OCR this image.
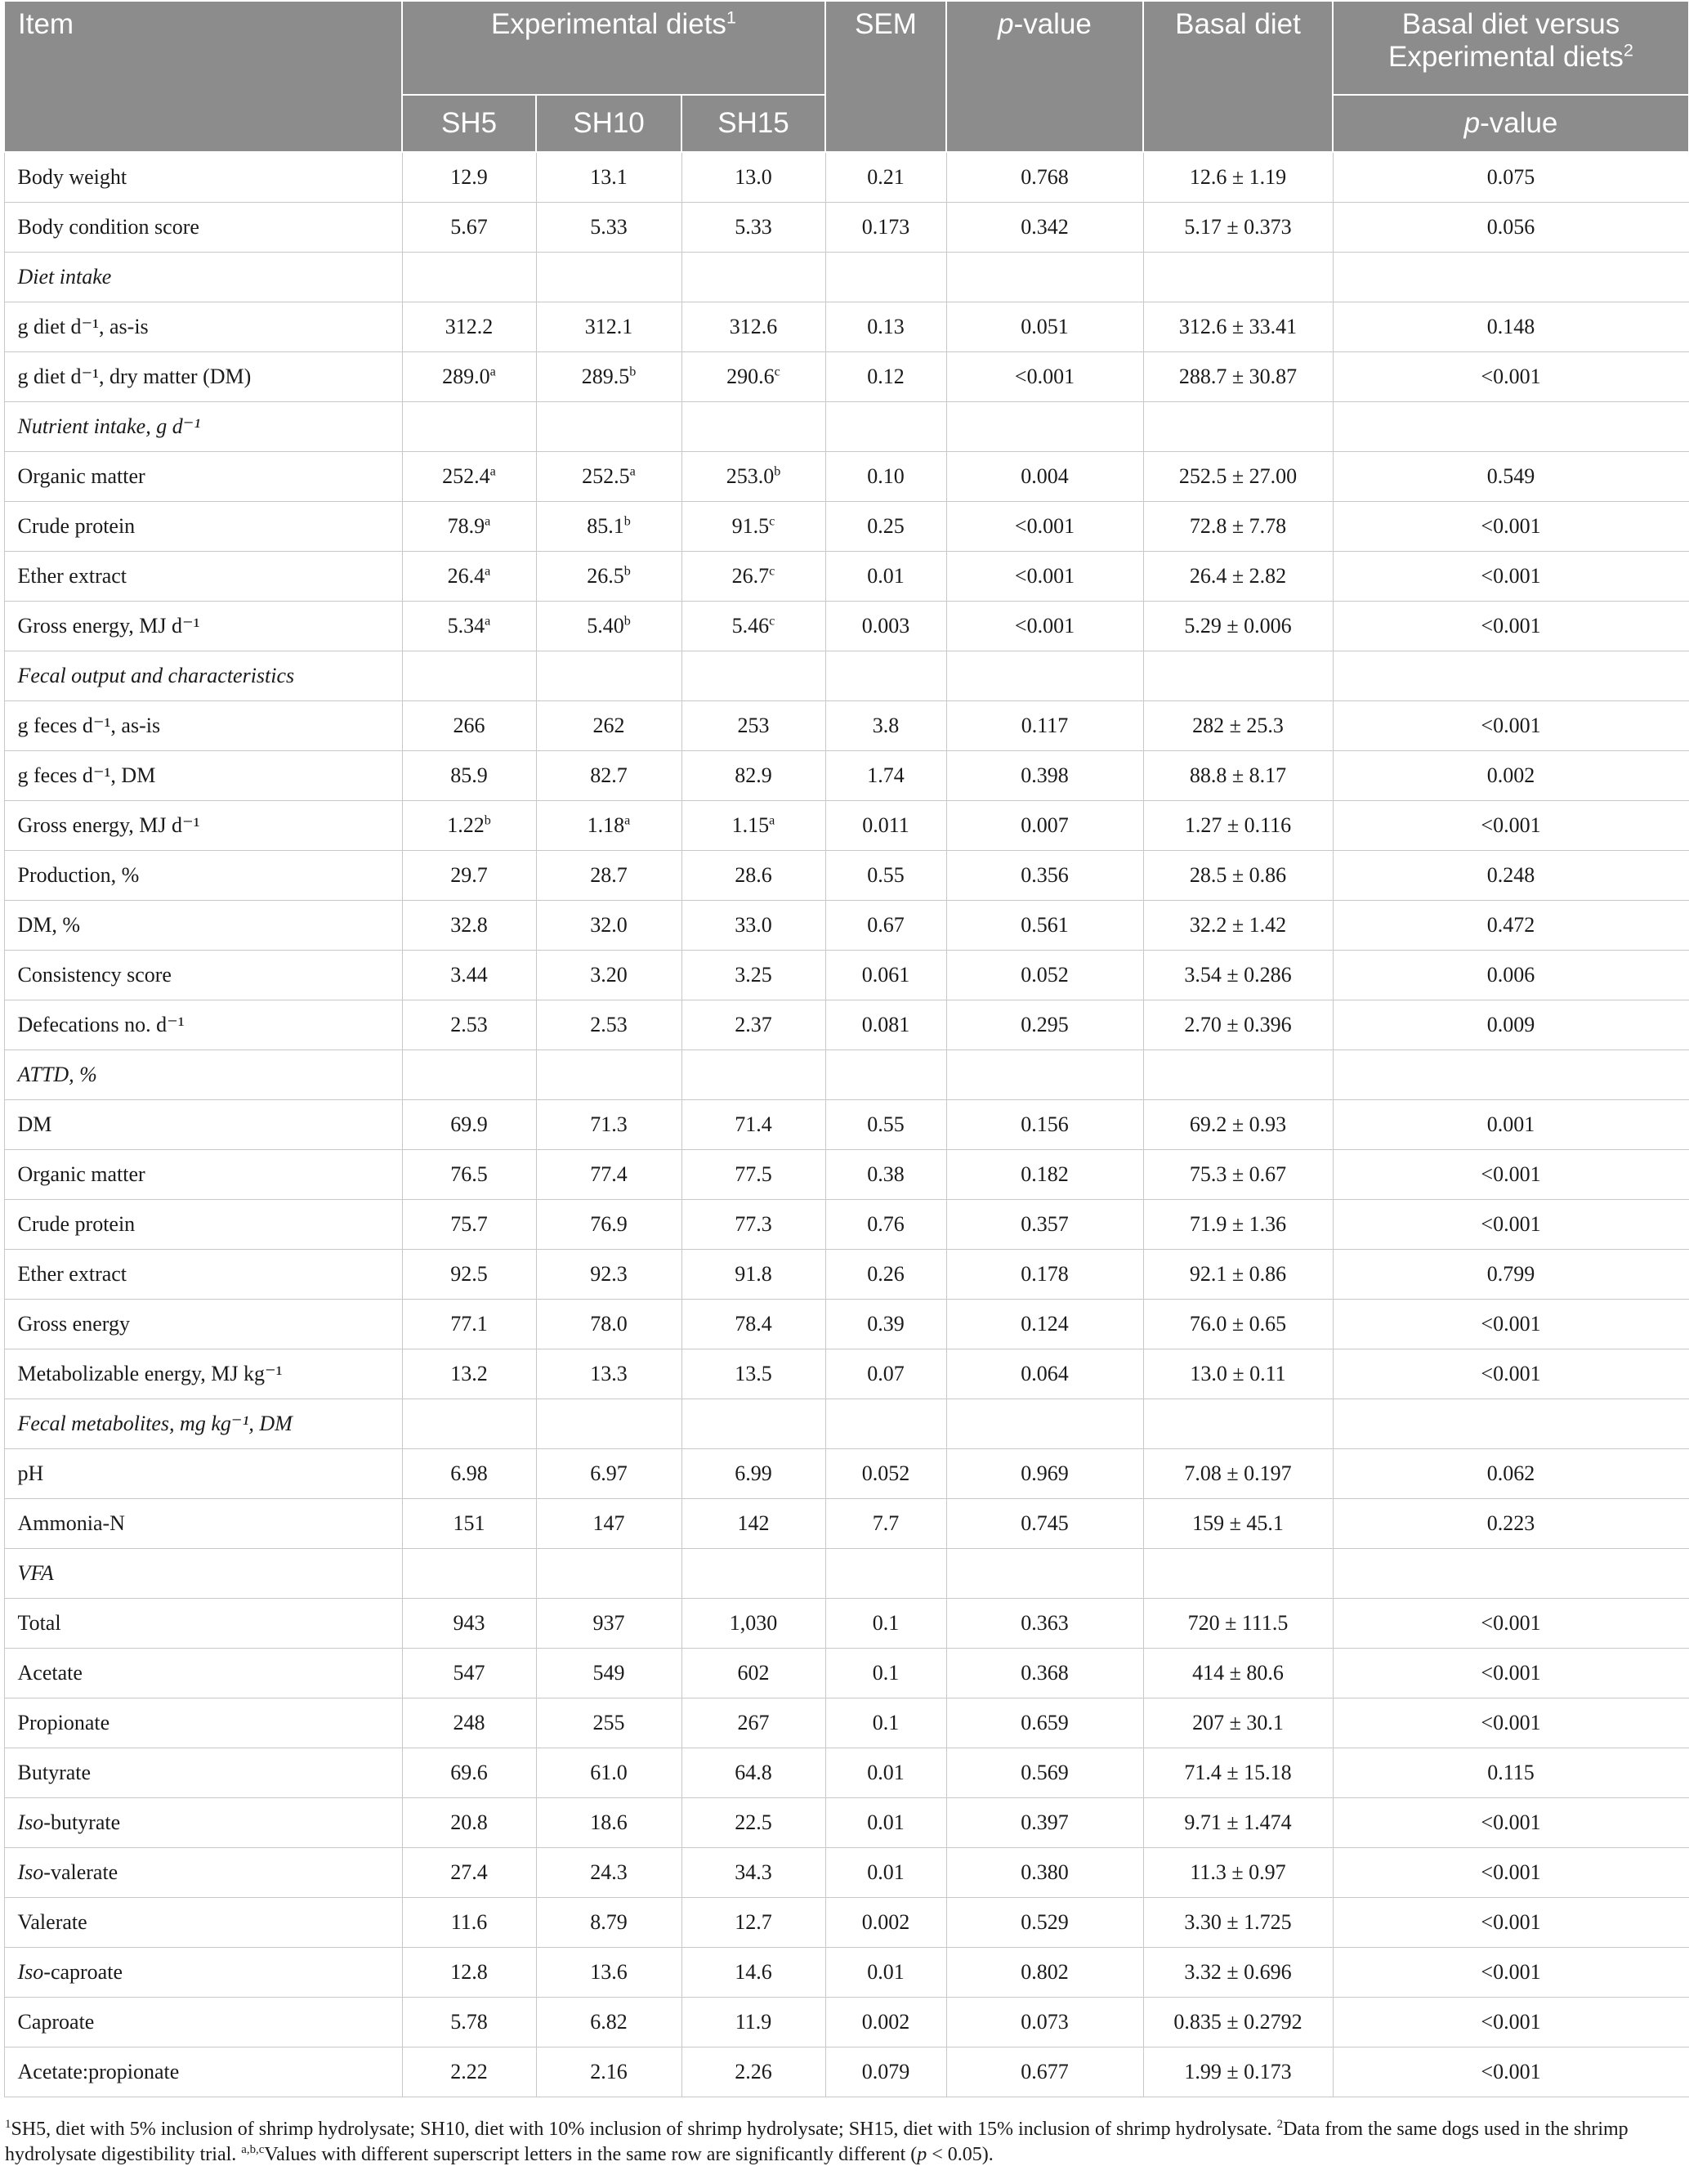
Item	Experimental diets$^1$			SEM	p-value	Basal diet	Basal diet versus
Experimental diets$^2$
	SH5	SH10	SH15				p-value
Body weight	12.9	13.1	13.0	0.21	0.768	12.6 ± 1.19	0.075
Body condition score	5.67	5.33	5.33	0.173	0.342	5.17 ± 0.373	0.056
Diet intake							
g diet d⁻¹, as-is	312.2	312.1	312.6	0.13	0.051	312.6 ± 33.41	0.148
g diet d⁻¹, dry matter (DM)	289.0$^a$	289.5$^b$	290.6$^c$	0.12	<0.001	288.7 ± 30.87	<0.001
Nutrient intake, g d⁻¹							
Organic matter	252.4$^a$	252.5$^a$	253.0$^b$	0.10	0.004	252.5 ± 27.00	0.549
Crude protein	78.9$^a$	85.1$^b$	91.5$^c$	0.25	<0.001	72.8 ± 7.78	<0.001
Ether extract	26.4$^a$	26.5$^b$	26.7$^c$	0.01	<0.001	26.4 ± 2.82	<0.001
Gross energy, MJ d⁻¹	5.34$^a$	5.40$^b$	5.46$^c$	0.003	<0.001	5.29 ± 0.006	<0.001
Fecal output and characteristics							
g feces d⁻¹, as-is	266	262	253	3.8	0.117	282 ± 25.3	<0.001
g feces d⁻¹, DM	85.9	82.7	82.9	1.74	0.398	88.8 ± 8.17	0.002
Gross energy, MJ d⁻¹	1.22$^b$	1.18$^a$	1.15$^a$	0.011	0.007	1.27 ± 0.116	<0.001
Production, %	29.7	28.7	28.6	0.55	0.356	28.5 ± 0.86	0.248
DM, %	32.8	32.0	33.0	0.67	0.561	32.2 ± 1.42	0.472
Consistency score	3.44	3.20	3.25	0.061	0.052	3.54 ± 0.286	0.006
Defecations no. d⁻¹	2.53	2.53	2.37	0.081	0.295	2.70 ± 0.396	0.009
ATTD, %							
DM	69.9	71.3	71.4	0.55	0.156	69.2 ± 0.93	0.001
Organic matter	76.5	77.4	77.5	0.38	0.182	75.3 ± 0.67	<0.001
Crude protein	75.7	76.9	77.3	0.76	0.357	71.9 ± 1.36	<0.001
Ether extract	92.5	92.3	91.8	0.26	0.178	92.1 ± 0.86	0.799
Gross energy	77.1	78.0	78.4	0.39	0.124	76.0 ± 0.65	<0.001
Metabolizable energy, MJ kg⁻¹	13.2	13.3	13.5	0.07	0.064	13.0 ± 0.11	<0.001
Fecal metabolites, mg kg⁻¹, DM							
pH	6.98	6.97	6.99	0.052	0.969	7.08 ± 0.197	0.062
Ammonia-N	151	147	142	7.7	0.745	159 ± 45.1	0.223
VFA							
Total	943	937	1,030	0.1	0.363	720 ± 111.5	<0.001
Acetate	547	549	602	0.1	0.368	414 ± 80.6	<0.001
Propionate	248	255	267	0.1	0.659	207 ± 30.1	<0.001
Butyrate	69.6	61.0	64.8	0.01	0.569	71.4 ± 15.18	0.115
Iso-butyrate	20.8	18.6	22.5	0.01	0.397	9.71 ± 1.474	<0.001
Iso-valerate	27.4	24.3	34.3	0.01	0.380	11.3 ± 0.97	<0.001
Valerate	11.6	8.79	12.7	0.002	0.529	3.30 ± 1.725	<0.001
Iso-caproate	12.8	13.6	14.6	0.01	0.802	3.32 ± 0.696	<0.001
Caproate	5.78	6.82	11.9	0.002	0.073	0.835 ± 0.2792	<0.001
Acetate:propionate	2.22	2.16	2.26	0.079	0.677	1.99 ± 0.173	<0.001
$^1$SH5, diet with 5% inclusion of shrimp hydrolysate; SH10, diet with 10% inclusion of shrimp hydrolysate; SH15, diet with 15% inclusion of shrimp hydrolysate. $^2$Data from the same dogs used in the shrimp hydrolysate digestibility trial. $^{a,b,c}$Values with different superscript letters in the same row are significantly different (p < 0.05).
